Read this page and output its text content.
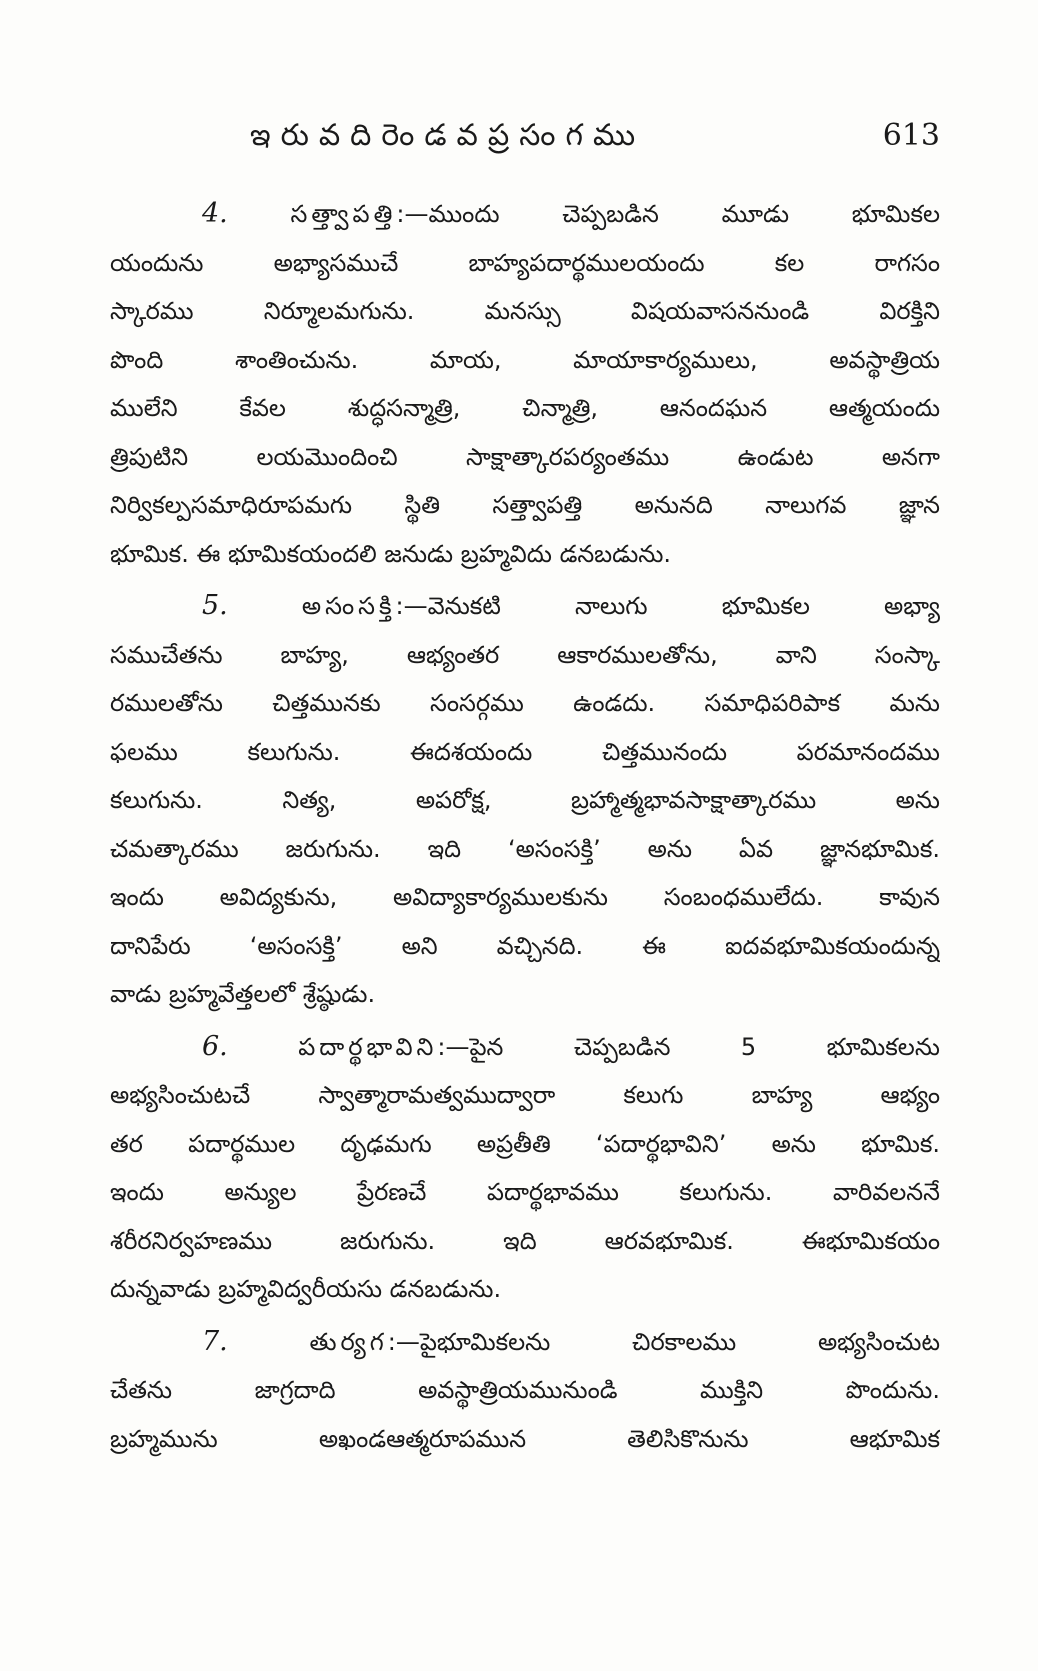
ఇరువదిరెండవప్రసంగము	613

4.	సత్త్వాపత్తి:—ముందు చెప్పబడిన మూడు భూమికల
యందును అభ్యాసముచే బాహ్యపదార్థములయందు కల రాగసం
స్కారము నిర్మూలమగును. మనస్సు విషయవాసననుండి విరక్తిని
పొంది శాంతించును. మాయ, మాయాకార్యములు, అవస్థాత్రియ
ములేని కేవల శుద్ధసన్మాత్రి, చిన్మాత్రి, ఆనందఘన ఆత్మయందు
త్రిపుటిని లయమొందించి సాక్షాత్కారపర్యంతము ఉండుట అనగా
నిర్వికల్పసమాధిరూపమగు స్థితి సత్త్వాపత్తి అనునది నాలుగవ జ్ఞాన
భూమిక. ఈ భూమికయందలి జనుడు బ్రహ్మవిదు డనబడును.

5.	అసంసక్తి:—వెనుకటి నాలుగు భూమికల అభ్యా
సముచేతను బాహ్య, ఆభ్యంతర ఆకారములతోను, వాని సంస్కా
రములతోను చిత్తమునకు సంసర్గము ఉండదు. సమాధిపరిపాక మను
ఫలము కలుగును. ఈదశయందు చిత్తమునందు పరమానందము
కలుగును. నిత్య, అపరోక్ష, బ్రహ్మాత్మభావసాక్షాత్కారము అను
చమత్కారము జరుగును. ఇది ‘అసంసక్తి’ అను ఏవ జ్ఞానభూమిక.
ఇందు అవిద్యకును, అవిద్యాకార్యములకును సంబంధములేదు. కావున
దానిపేరు ‘అసంసక్తి’ అని వచ్చినది. ఈ ఐదవభూమికయందున్న
వాడు బ్రహ్మవేత్తలలో శ్రేష్ఠుడు.

6.	పదార్థభావిని:—పైన చెప్పబడిన 5 భూమికలను
అభ్యసించుటచే స్వాత్మారామత్వముద్వారా కలుగు బాహ్య ఆభ్యం
తర పదార్థముల దృఢమగు అప్రతీతి ‘పదార్థభావిని’ అను భూమిక.
ఇందు అన్యుల ప్రేరణచే పదార్థభావము కలుగును. వారివలననే
శరీరనిర్వహణము జరుగును. ఇది ఆరవభూమిక. ఈభూమికయం
దున్నవాడు బ్రహ్మవిద్వరీయసు డనబడును.

7.	తుర్యగ:—పైభూమికలను చిరకాలము అభ్యసించుట
చేతను జాగ్రదాది అవస్థాత్రియమునుండి ముక్తిని పొందును.
బ్రహ్మమును అఖండఆత్మరూపమున తెలిసికొనును ఆభూమిక
